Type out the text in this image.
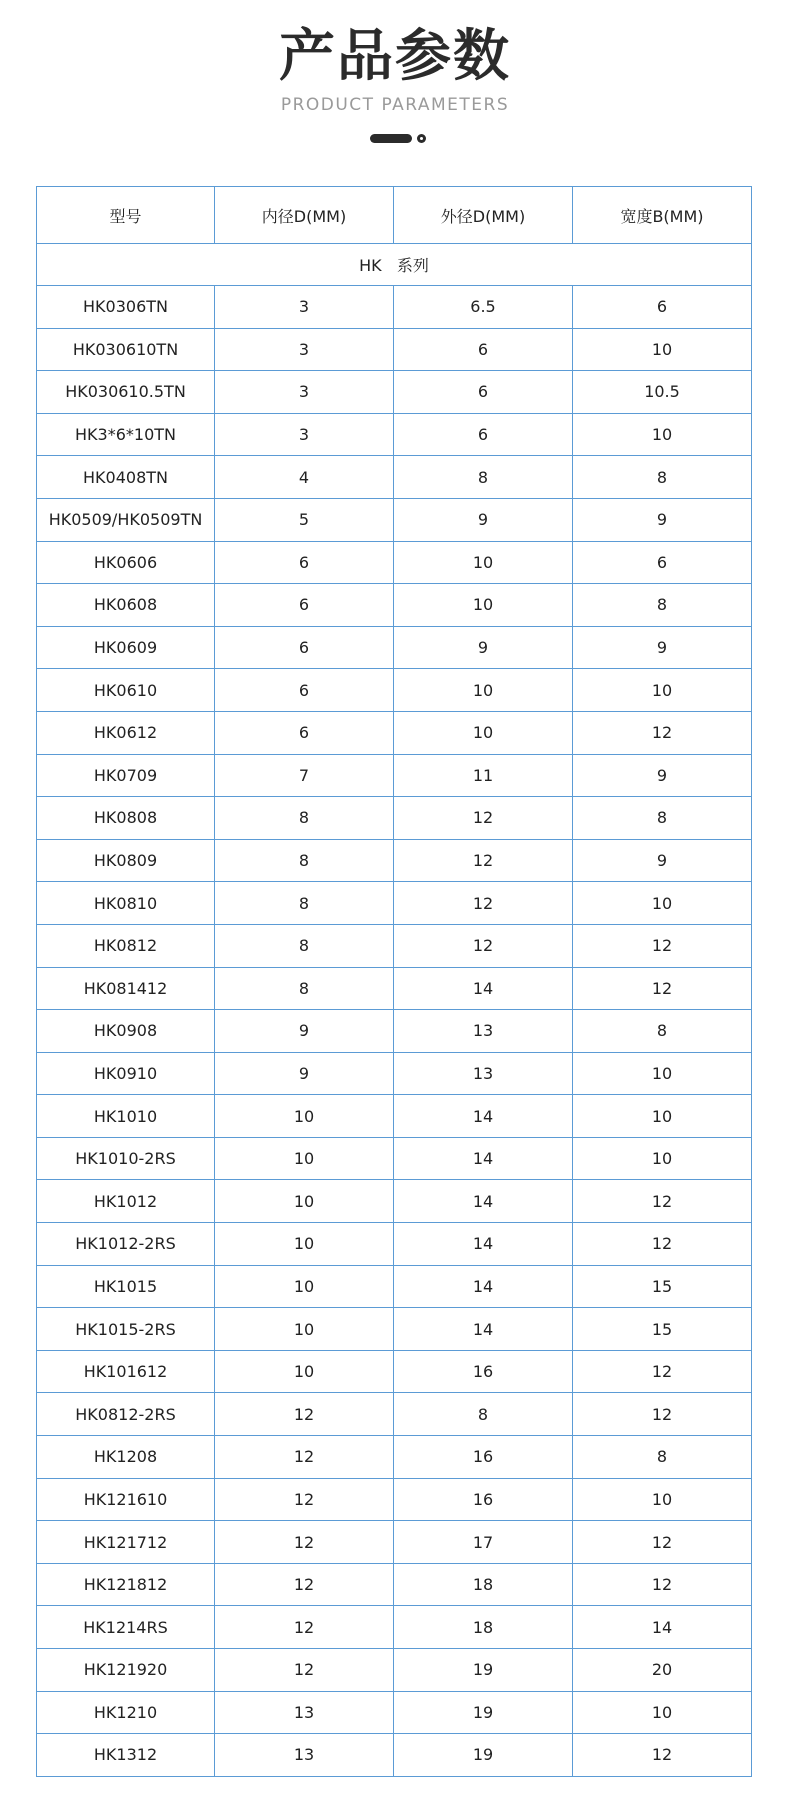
产品参数
PRODUCT PARAMETERS
型号	内径D(MM)	外径D(MM)	宽度B(MM)
HK   系列			
HK0306TN	3	6.5	6
HK030610TN	3	6	10
HK030610.5TN	3	6	10.5
HK3*6*10TN	3	6	10
HK0408TN	4	8	8
HK0509/HK0509TN	5	9	9
HK0606	6	10	6
HK0608	6	10	8
HK0609	6	9	9
HK0610	6	10	10
HK0612	6	10	12
HK0709	7	11	9
HK0808	8	12	8
HK0809	8	12	9
HK0810	8	12	10
HK0812	8	12	12
HK081412	8	14	12
HK0908	9	13	8
HK0910	9	13	10
HK1010	10	14	10
HK1010-2RS	10	14	10
HK1012	10	14	12
HK1012-2RS	10	14	12
HK1015	10	14	15
HK1015-2RS	10	14	15
HK101612	10	16	12
HK0812-2RS	12	8	12
HK1208	12	16	8
HK121610	12	16	10
HK121712	12	17	12
HK121812	12	18	12
HK1214RS	12	18	14
HK121920	12	19	20
HK1210	13	19	10
HK1312	13	19	12
